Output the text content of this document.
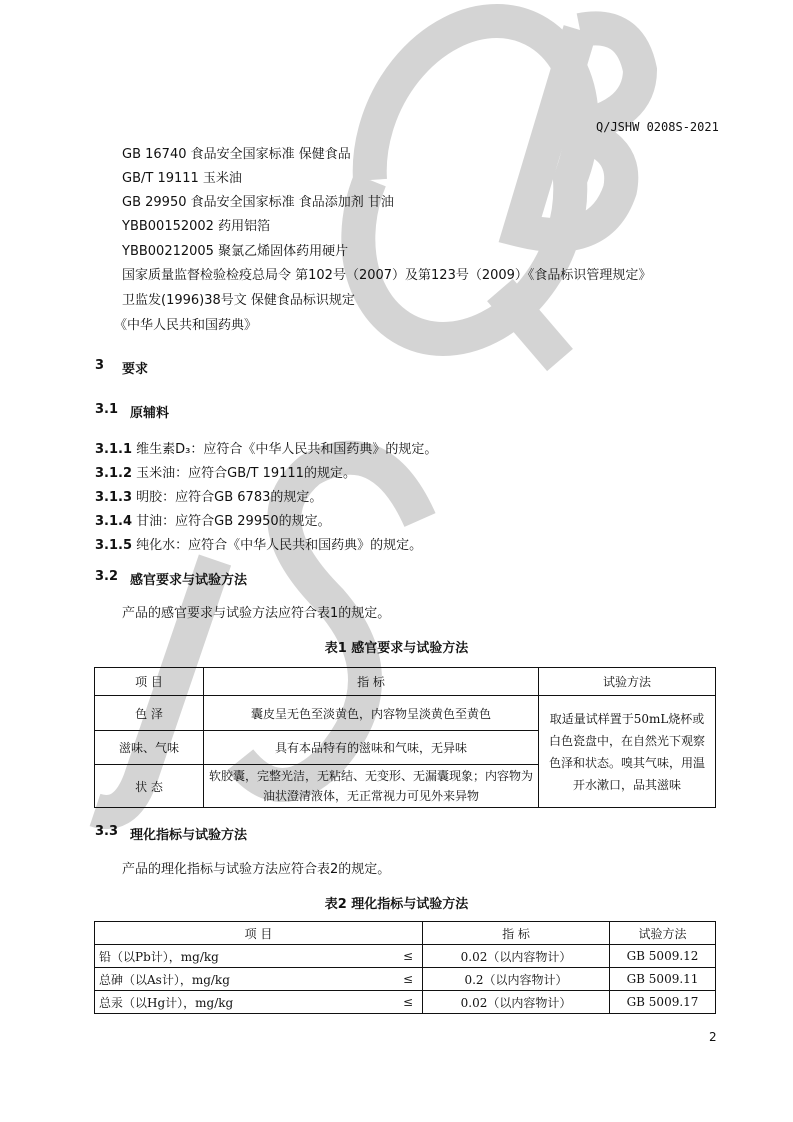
Q/JSHW 0208S-2021
GB 16740 食品安全国家标准 保健食品
GB/T 19111 玉米油
GB 29950 食品安全国家标准 食品添加剂 甘油
YBB00152002 药用铝箔
YBB00212005 聚氯乙烯固体药用硬片
国家质量监督检验检疫总局令 第102号（2007）及第123号（2009）《食品标识管理规定》
卫监发(1996)38号文 保健食品标识规定
《中华人民共和国药典》
3 要求
3.1 原辅料
3.1.1 维生素D₃：应符合《中华人民共和国药典》的规定。
3.1.2 玉米油：应符合GB/T 19111的规定。
3.1.3 明胶：应符合GB 6783的规定。
3.1.4 甘油：应符合GB 29950的规定。
3.1.5 纯化水：应符合《中华人民共和国药典》的规定。
3.2 感官要求与试验方法
产品的感官要求与试验方法应符合表1的规定。
表1 感官要求与试验方法
项 目	指 标	试验方法
色 泽	囊皮呈无色至淡黄色，内容物呈淡黄色至黄色	取适量试样置于50mL烧杯或白色瓷盘中，在自然光下观察色泽和状态。嗅其气味，用温开水漱口，品其滋味
滋味、气味	具有本品特有的滋味和气味，无异味	
状 态	软胶囊，完整光洁，无粘结、无变形、无漏囊现象；内容物为油状澄清液体，无正常视力可见外来异物	
3.3 理化指标与试验方法
产品的理化指标与试验方法应符合表2的规定。
表2 理化指标与试验方法
项 目		指 标	试验方法
铅（以Pb计），mg/kg	≤	0.02（以内容物计）	GB 5009.12
总砷（以As计），mg/kg	≤	0.2（以内容物计）	GB 5009.11
总汞（以Hg计），mg/kg	≤	0.02（以内容物计）	GB 5009.17
2
